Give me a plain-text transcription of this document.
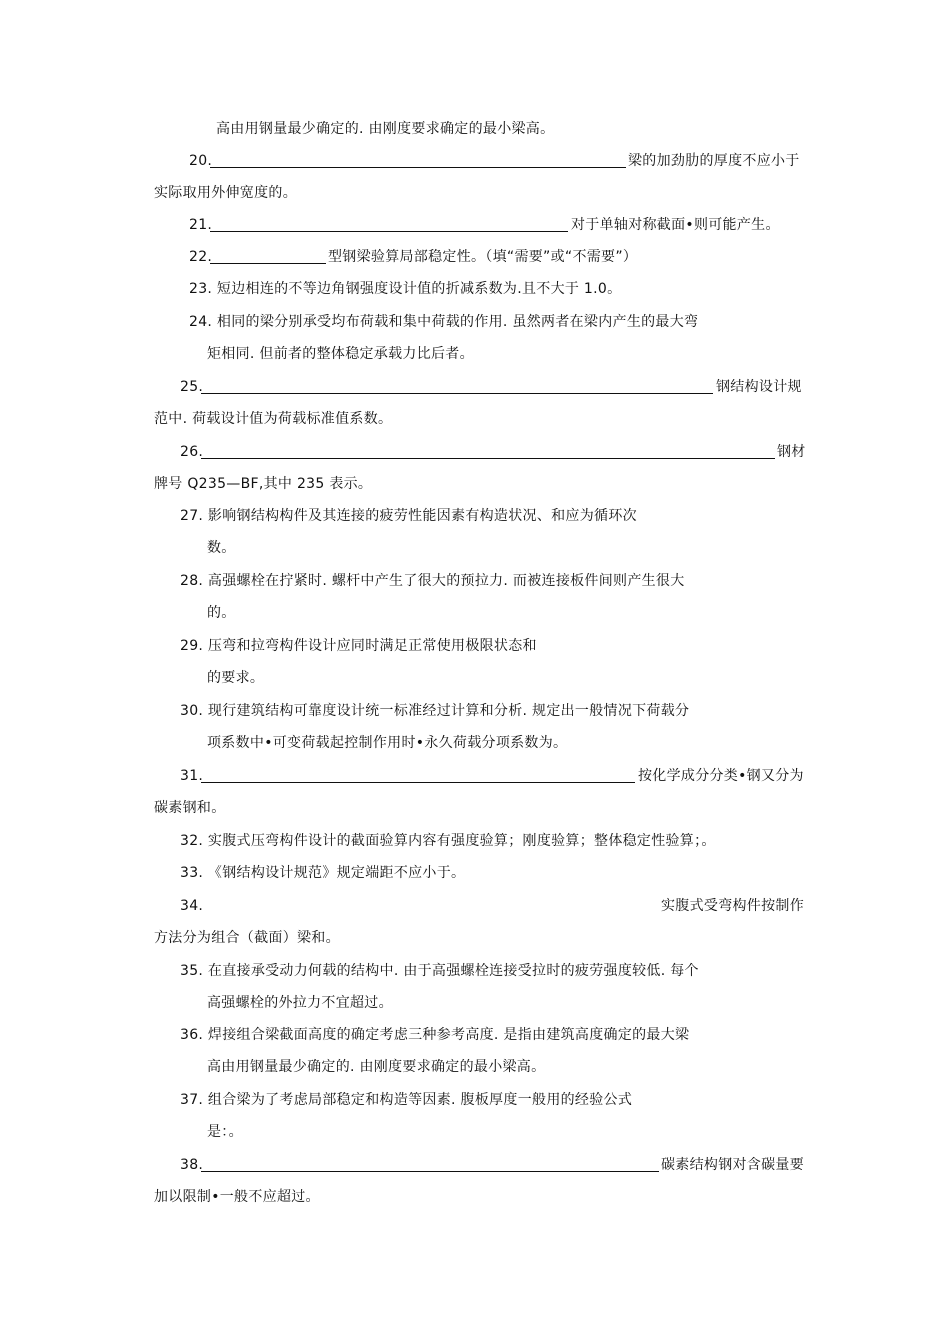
高由用钢量最少确定的. 由刚度要求确定的最小梁高。
20.	梁的加劲肋的厚度不应小于
实际取用外伸宽度的。
21.	对于单轴对称截面•则可能产生。
22.	型钢梁验算局部稳定性。（填“需要”或“不需要”）
23. 短边相连的不等边角钢强度设计值的折减系数为.且不大于 1.0。
24. 相同的梁分别承受均布荷载和集中荷载的作用. 虽然两者在梁内产生的最大弯
矩相同. 但前者的整体稳定承载力比后者。
25.	钢结构设计规
范中. 荷载设计值为荷载标准值系数。
26.	钢材
牌号 Q235—BF,其中 235 表示。
27. 影响钢结构构件及其连接的疲劳性能因素有构造状况、和应为循环次
数。
28. 高强螺栓在拧紧时. 螺杆中产生了很大的预拉力. 而被连接板件间则产生很大
的。
29. 压弯和拉弯构件设计应同时满足正常使用极限状态和
的要求。
30. 现行建筑结构可靠度设计统一标准经过计算和分析. 规定出一般情况下荷载分
项系数中•可变荷载起控制作用时•永久荷载分项系数为。
31.	按化学成分分类•钢又分为
碳素钢和。
32. 实腹式压弯构件设计的截面验算内容有强度验算；刚度验算；整体稳定性验算；。
33. 《钢结构设计规范》规定端距不应小于。
34.	实腹式受弯构件按制作
方法分为组合（截面）梁和。
35. 在直接承受动力何载的结构中. 由于高强螺栓连接受拉时的疲劳强度较低. 每个
高强螺栓的外拉力不宜超过。
36. 焊接组合梁截面高度的确定考虑三种参考高度. 是指由建筑高度确定的最大梁
高由用钢量最少确定的. 由刚度要求确定的最小梁高。
37. 组合梁为了考虑局部稳定和构造等因素. 腹板厚度一般用的经验公式
是：。
38.	碳素结构钢对含碳量要
加以限制•一般不应超过。
